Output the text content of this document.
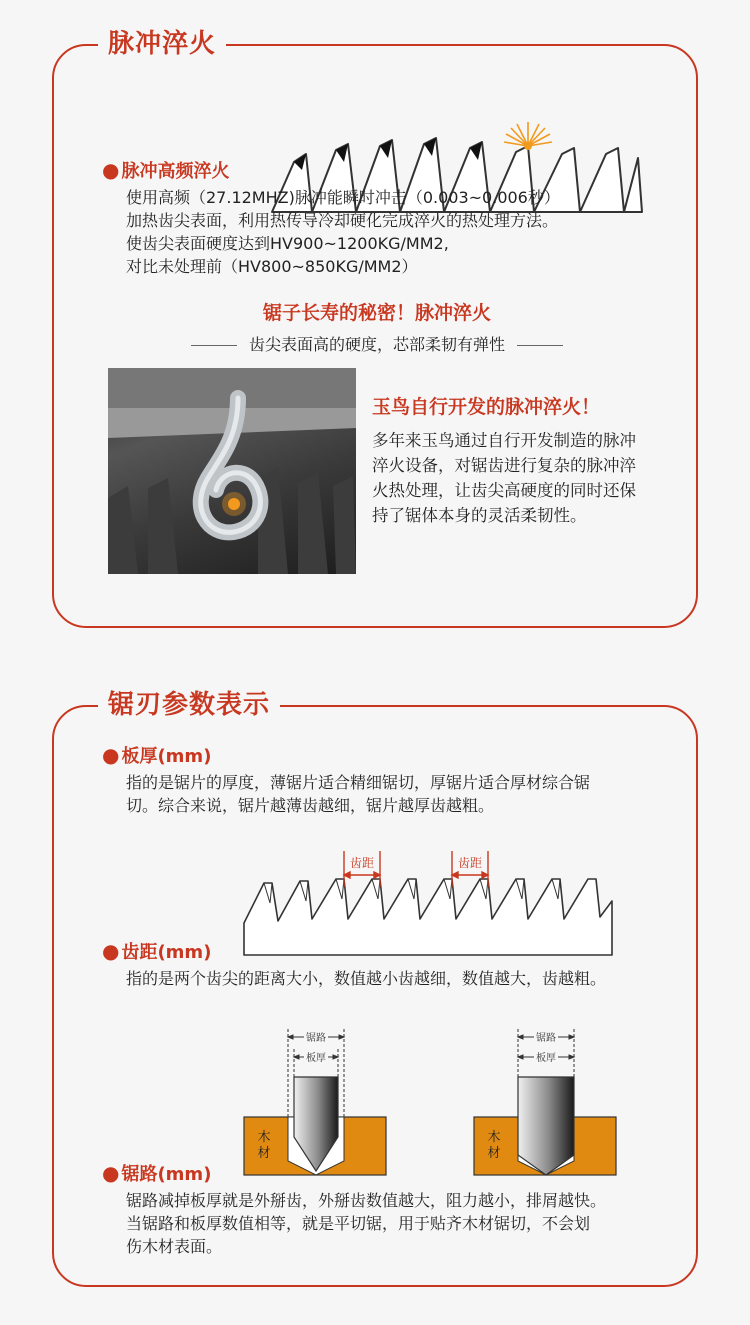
脉冲淬火
● 脉冲高频淬火
使用高频（27.12MHZ)脉冲能瞬时冲击（0.003~0.006秒）
加热齿尖表面，利用热传导冷却硬化完成淬火的热处理方法。
使齿尖表面硬度达到HV900~1200KG/MM2,
对比未处理前（HV800~850KG/MM2）
锯子长寿的秘密！脉冲淬火
齿尖表面高的硬度，芯部柔韧有弹性
玉鸟自行开发的脉冲淬火！
多年来玉鸟通过自行开发制造的脉冲
淬火设备，对锯齿进行复杂的脉冲淬
火热处理，让齿尖高硬度的同时还保
持了锯体本身的灵活柔韧性。
锯刃参数表示
● 板厚(mm)
指的是锯片的厚度，薄锯片适合精细锯切，厚锯片适合厚材综合锯
切。综合来说，锯片越薄齿越细，锯片越厚齿越粗。
齿距	齿距
● 齿距(mm)
指的是两个齿尖的距离大小，数值越小齿越细，数值越大，齿越粗。
锯路
板厚
木材
锯路
板厚
木材
● 锯路(mm)
锯路减掉板厚就是外掰齿，外掰齿数值越大，阻力越小，排屑越快。
当锯路和板厚数值相等，就是平切锯，用于贴齐木材锯切，不会划
伤木材表面。
